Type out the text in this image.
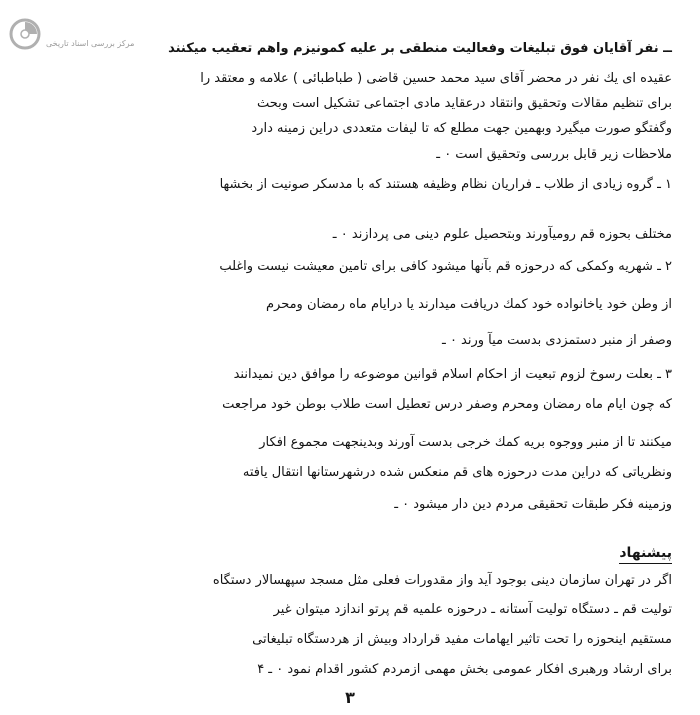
مرکز بررسی اسناد تاریخی	ــ نفر آقایان فوق تبلیغات وفعالیت منطقی بر علیه کمونیزم واهم تعقیب میکنند
عقیده ای یك نفر در محضر آقای سید محمد حسین قاضی ( طباطبائی ) علامه و معتقد را
برای تنظیم مقالات وتحقیق وانتقاد درعقاید مادی اجتماعی تشکیل است وبحث
وگفتگو صورت میگیرد وبهمین جهت مطلع که تا لیفات متعددی دراین زمینه دارد
ملاحظات زیر قابل بررسی وتحقیق است ۰ ـ
۱ ـ گروه زیادی از طلاب ـ فراریان نظام وظیفه هستند که با مدسکر صونیت از بخشها
مختلف بحوزه قم رومیآورند وبتحصیل علوم دینی می پردازند ۰ ـ
۲ ـ شهریه وکمکی که درحوزه قم بآنها میشود کافی برای تامین معیشت نیست واغلب
از وطن خود یاخانواده خود کمك دریافت میدارند یا درایام ماه رمضان ومحرم
وصفر از منبر دستمزدی بدست میآ ورند ۰ ـ
۳ ـ بعلت رسوخ لزوم تبعیت از احکام اسلام قوانین موضوعه را موافق دین نمیدانند
که چون ایام ماه رمضان ومحرم وصفر درس تعطیل است طلاب بوطن خود مراجعت
میکنند تا از منبر ووجوه بریه کمك خرجی بدست آورند وبدینجهت مجموع افکار
ونظریاتی که دراین مدت درحوزه های قم منعکس شده درشهرستانها انتقال یافته
وزمینه فکر طبقات تحقیقی مردم دین دار میشود ۰ ـ
پیشنهاد
اگر در تهران سازمان دینی بوجود آید واز مقدورات فعلی مثل مسجد سپهسالار دستگاه
تولیت قم ـ دستگاه تولیت آستانه ـ درحوزه علمیه قم پرتو اندازد میتوان غیر
مستقیم اینحوزه را تحت تاثیر ایهامات مفید قرارداد وبیش از هردستگاه تبلیغاتی
برای ارشاد ورهبری افکار عمومی بخش مهمی ازمردم کشور اقدام نمود ۰ ـ ۴
۳
